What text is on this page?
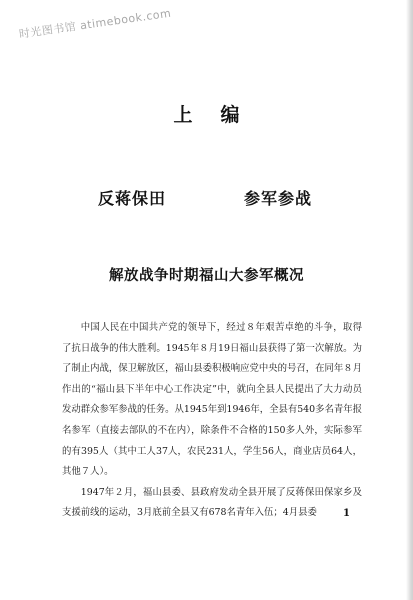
时光图书馆 atimebook.com
上编
反蒋保田	参军参战
解放战争时期福山大参军概况

中国人民在中国共产党的领导下，经过８年艰苦卓绝的斗争，取得了抗日战争的伟大胜利。1945年８月19日福山县获得了第一次解放。为了制止内战，保卫解放区，福山县委积极响应党中央的号召，在同年８月作出的“福山县下半年中心工作决定”中，就向全县人民提出了大力动员发动群众参军参战的任务。从1945年到1946年，全县有540多名青年报名参军（直接去部队的不在内），除条件不合格的150多人外，实际参军的有395人（其中工人37人，农民231人，学生56人，商业店员64人，其他７人）。

1947年２月，福山县委、县政府发动全县开展了反蒋保田保家乡及支援前线的运动，3月底前全县又有678名青年入伍；4月县委	1
